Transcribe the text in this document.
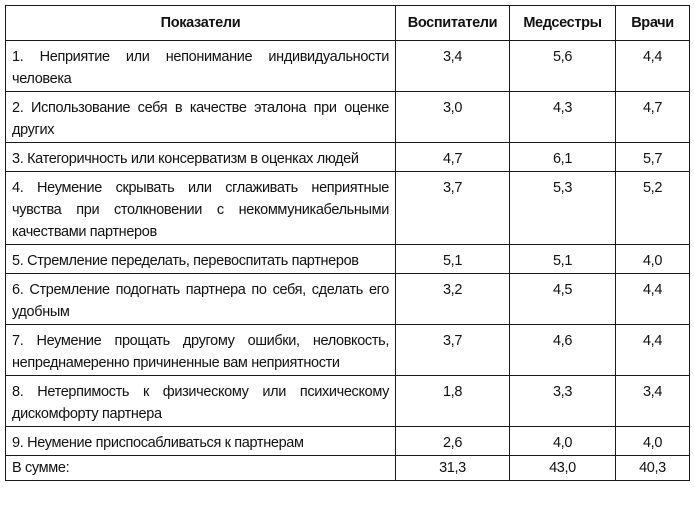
Показатели	Воспитатели	Медсестры	Врачи
1. Неприятие или непонимание индивидуальности человека	3,4	5,6	4,4
2. Использование себя в качестве эталона при оценке других	3,0	4,3	4,7
3. Категоричность или консерватизм в оценках людей	4,7	6,1	5,7
4. Неумение скрывать или сглаживать неприятные чувства при столкновении с некоммуникабельными качествами партнеров	3,7	5,3	5,2
5. Стремление переделать, перевоспитать партнеров	5,1	5,1	4,0
6. Стремление подогнать партнера по себя, сделать его удобным	3,2	4,5	4,4
7. Неумение прощать другому ошибки, неловкость, непреднамеренно причиненные вам неприятности	3,7	4,6	4,4
8. Нетерпимость к физическому или психическому дискомфорту партнера	1,8	3,3	3,4
9. Неумение приспосабливаться к партнерам	2,6	4,0	4,0
В сумме:	31,3	43,0	40,3
